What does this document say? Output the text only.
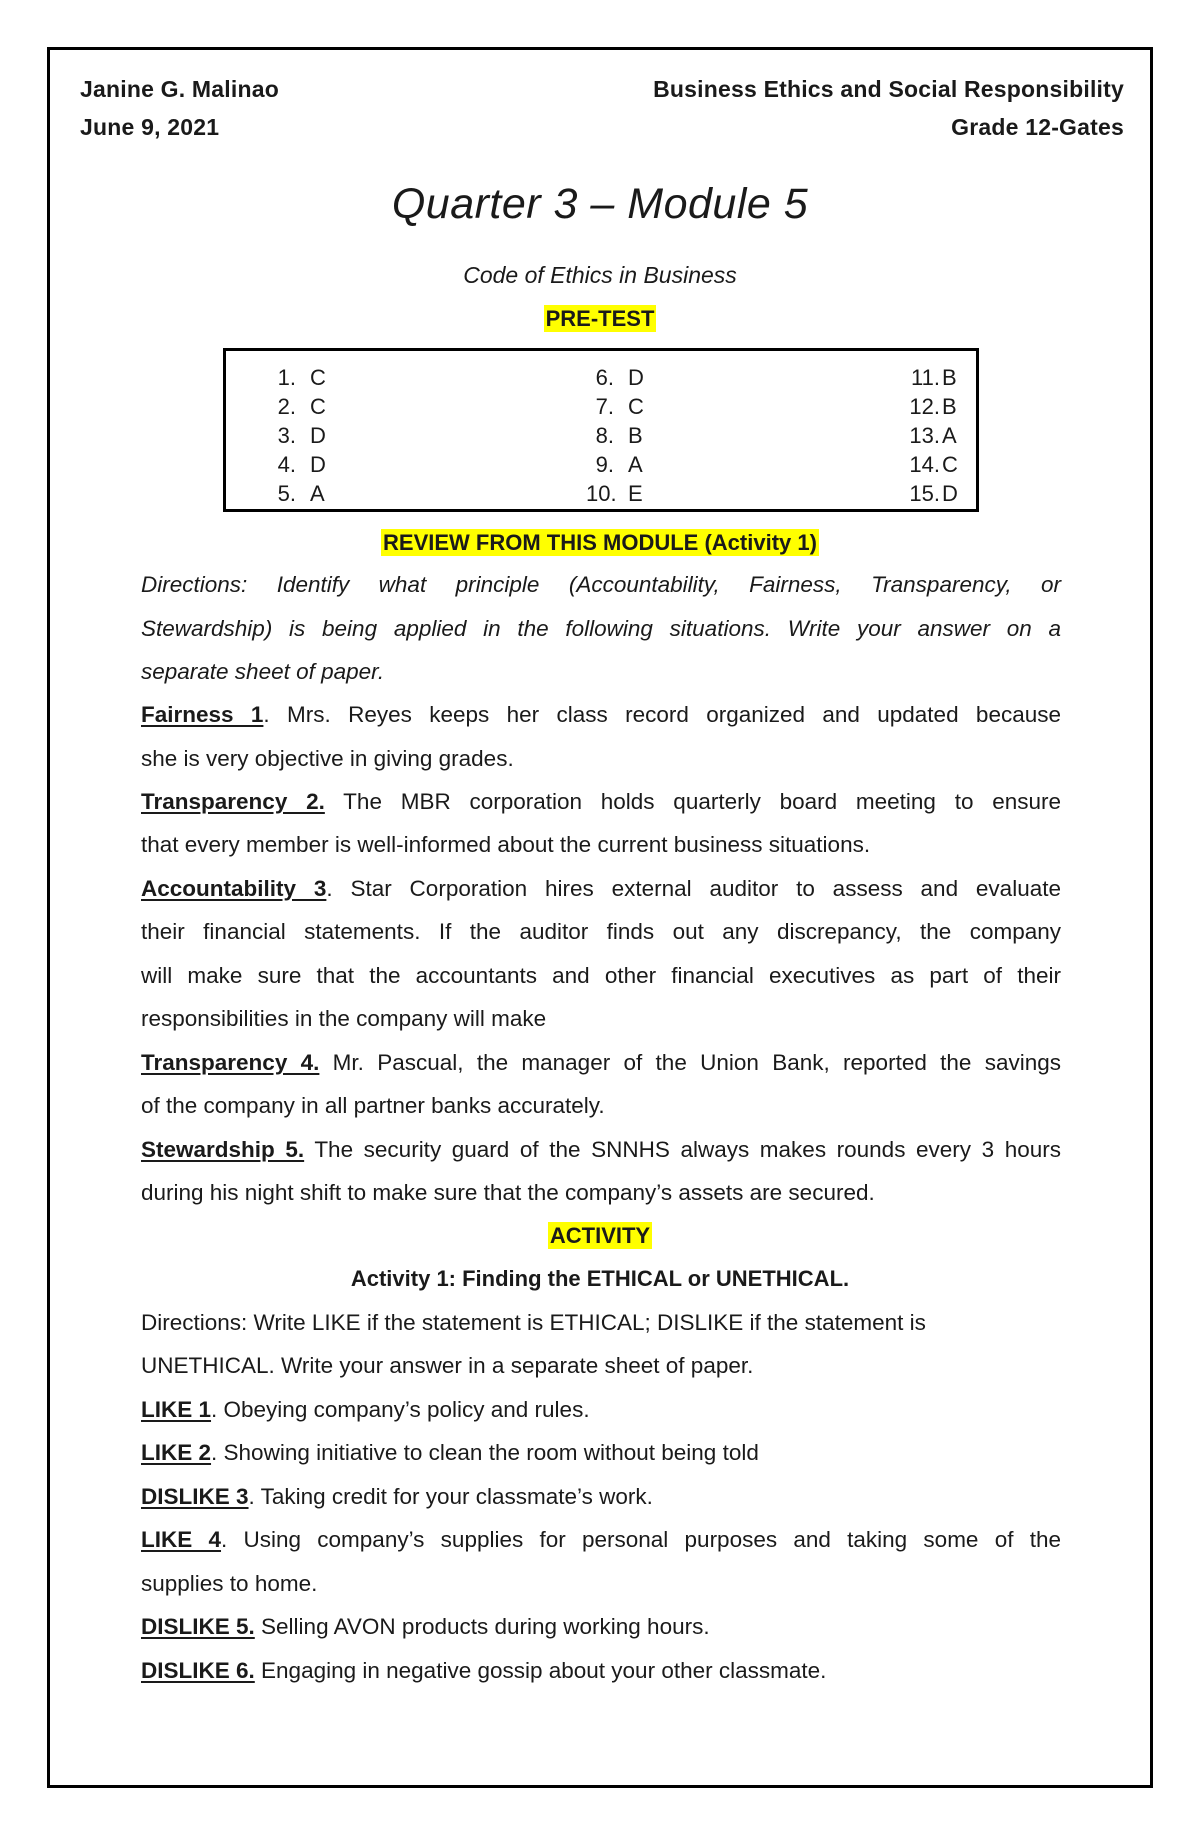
Janine G. Malinao
June 9, 2021
Business Ethics and Social Responsibility
Grade 12-Gates
Quarter 3 – Module 5
Code of Ethics in Business
PRE-TEST
1. C
2. C
3. D
4. D
5. A
6. D
7. C
8. B
9. A
10. E
11.B
12.B
13.A
14.C
15.D
REVIEW FROM THIS MODULE (Activity 1)
Directions: Identify what principle (Accountability, Fairness, Transparency, or
Stewardship) is being applied in the following situations. Write your answer on a
separate sheet of paper.
Fairness 1. Mrs. Reyes keeps her class record organized and updated because
she is very objective in giving grades.
Transparency 2. The MBR corporation holds quarterly board meeting to ensure
that every member is well-informed about the current business situations.
Accountability 3. Star Corporation hires external auditor to assess and evaluate
their financial statements. If the auditor finds out any discrepancy, the company
will make sure that the accountants and other financial executives as part of their
responsibilities in the company will make
Transparency 4. Mr. Pascual, the manager of the Union Bank, reported the savings
of the company in all partner banks accurately.
Stewardship 5. The security guard of the SNNHS always makes rounds every 3 hours
during his night shift to make sure that the company’s assets are secured.
ACTIVITY
Activity 1: Finding the ETHICAL or UNETHICAL.
Directions: Write LIKE if the statement is ETHICAL; DISLIKE if the statement is
UNETHICAL. Write your answer in a separate sheet of paper.
LIKE 1. Obeying company’s policy and rules.
LIKE 2. Showing initiative to clean the room without being told
DISLIKE 3. Taking credit for your classmate’s work.
LIKE 4. Using company’s supplies for personal purposes and taking some of the
supplies to home.
DISLIKE 5. Selling AVON products during working hours.
DISLIKE 6. Engaging in negative gossip about your other classmate.
